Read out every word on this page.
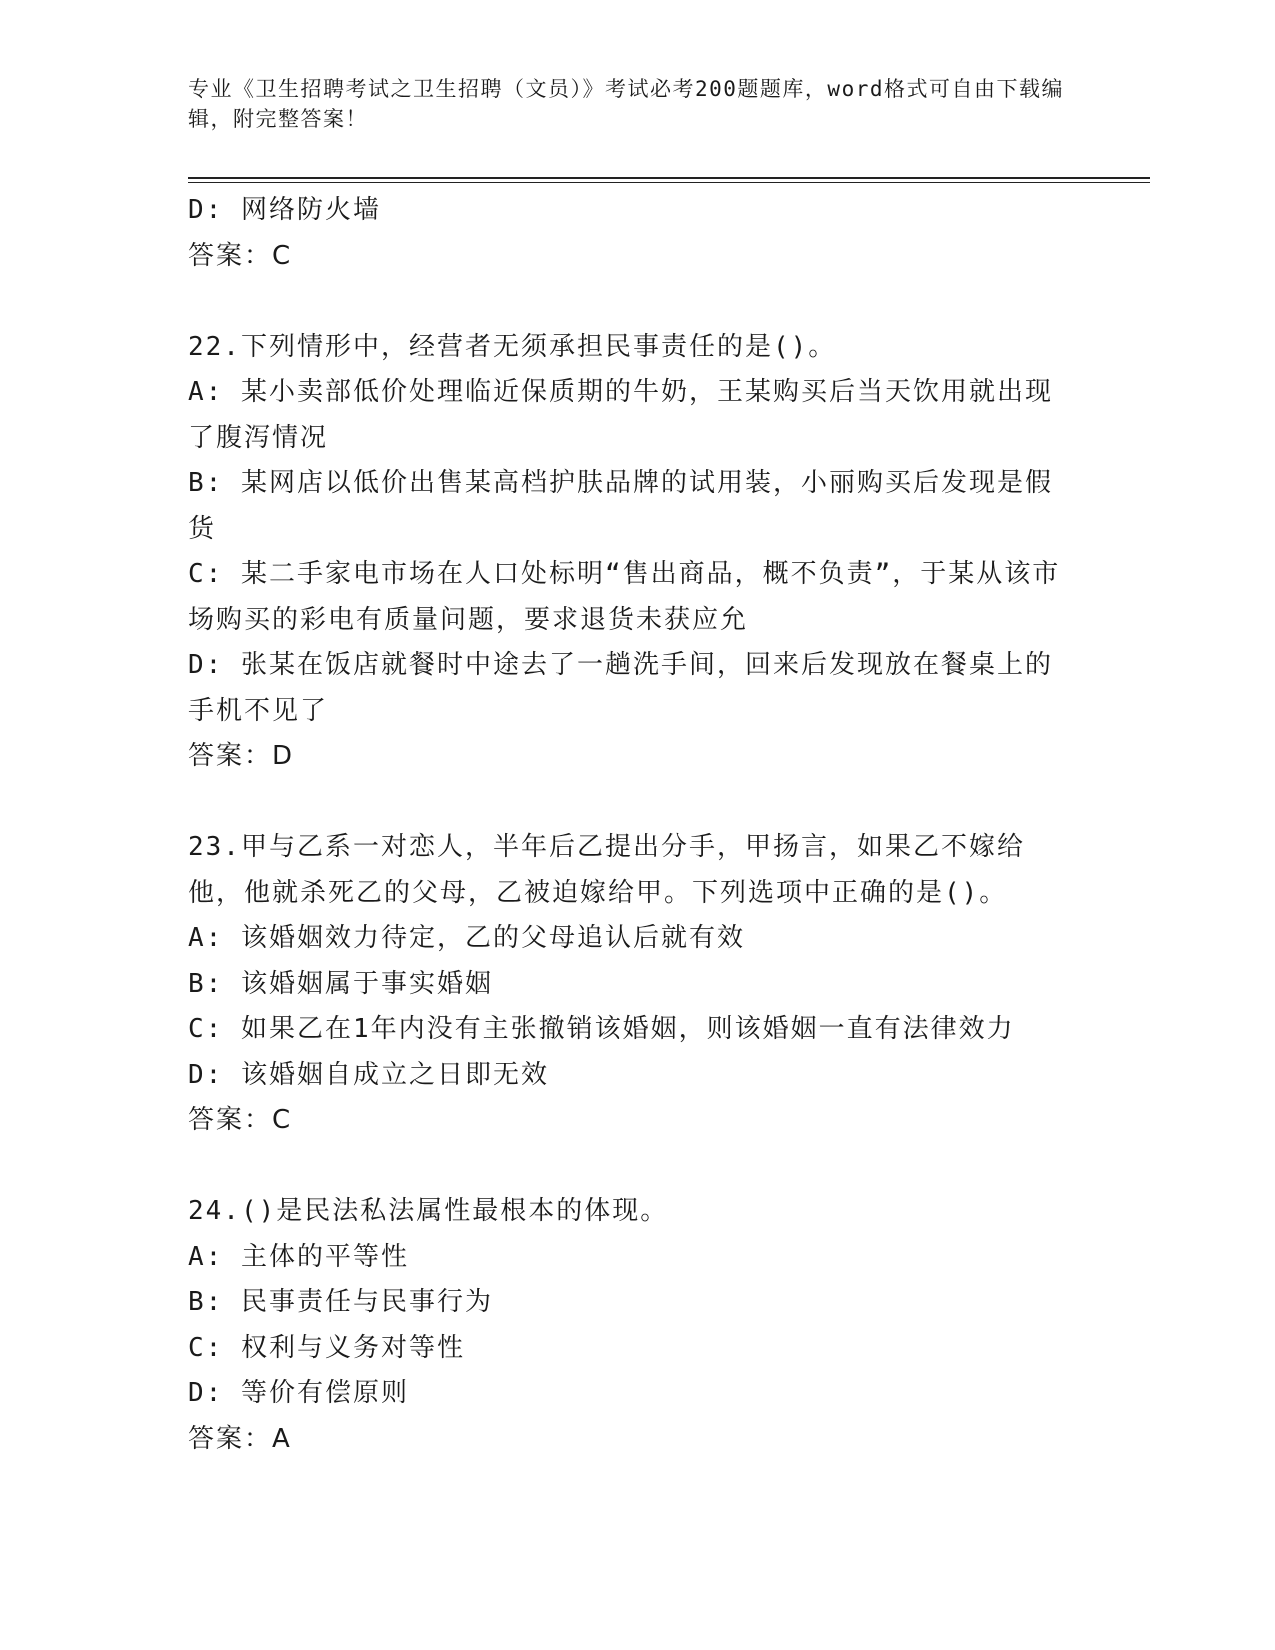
专业《卫生招聘考试之卫生招聘（文员）》考试必考200题题库，word格式可自由下载编辑，附完整答案！

D: 网络防火墙

答案：C

22.下列情形中，经营者无须承担民事责任的是()。

A: 某小卖部低价处理临近保质期的牛奶，王某购买后当天饮用就出现了腹泻情况

B: 某网店以低价出售某高档护肤品牌的试用装，小丽购买后发现是假货

C: 某二手家电市场在人口处标明“售出商品，概不负责”，于某从该市场购买的彩电有质量问题，要求退货未获应允

D: 张某在饭店就餐时中途去了一趟洗手间，回来后发现放在餐桌上的手机不见了

答案：D

23.甲与乙系一对恋人，半年后乙提出分手，甲扬言，如果乙不嫁给他，他就杀死乙的父母，乙被迫嫁给甲。下列选项中正确的是()。

A: 该婚姻效力待定，乙的父母追认后就有效

B: 该婚姻属于事实婚姻

C: 如果乙在1年内没有主张撤销该婚姻，则该婚姻一直有法律效力

D: 该婚姻自成立之日即无效

答案：C

24.()是民法私法属性最根本的体现。

A: 主体的平等性

B: 民事责任与民事行为

C: 权利与义务对等性

D: 等价有偿原则

答案：A
